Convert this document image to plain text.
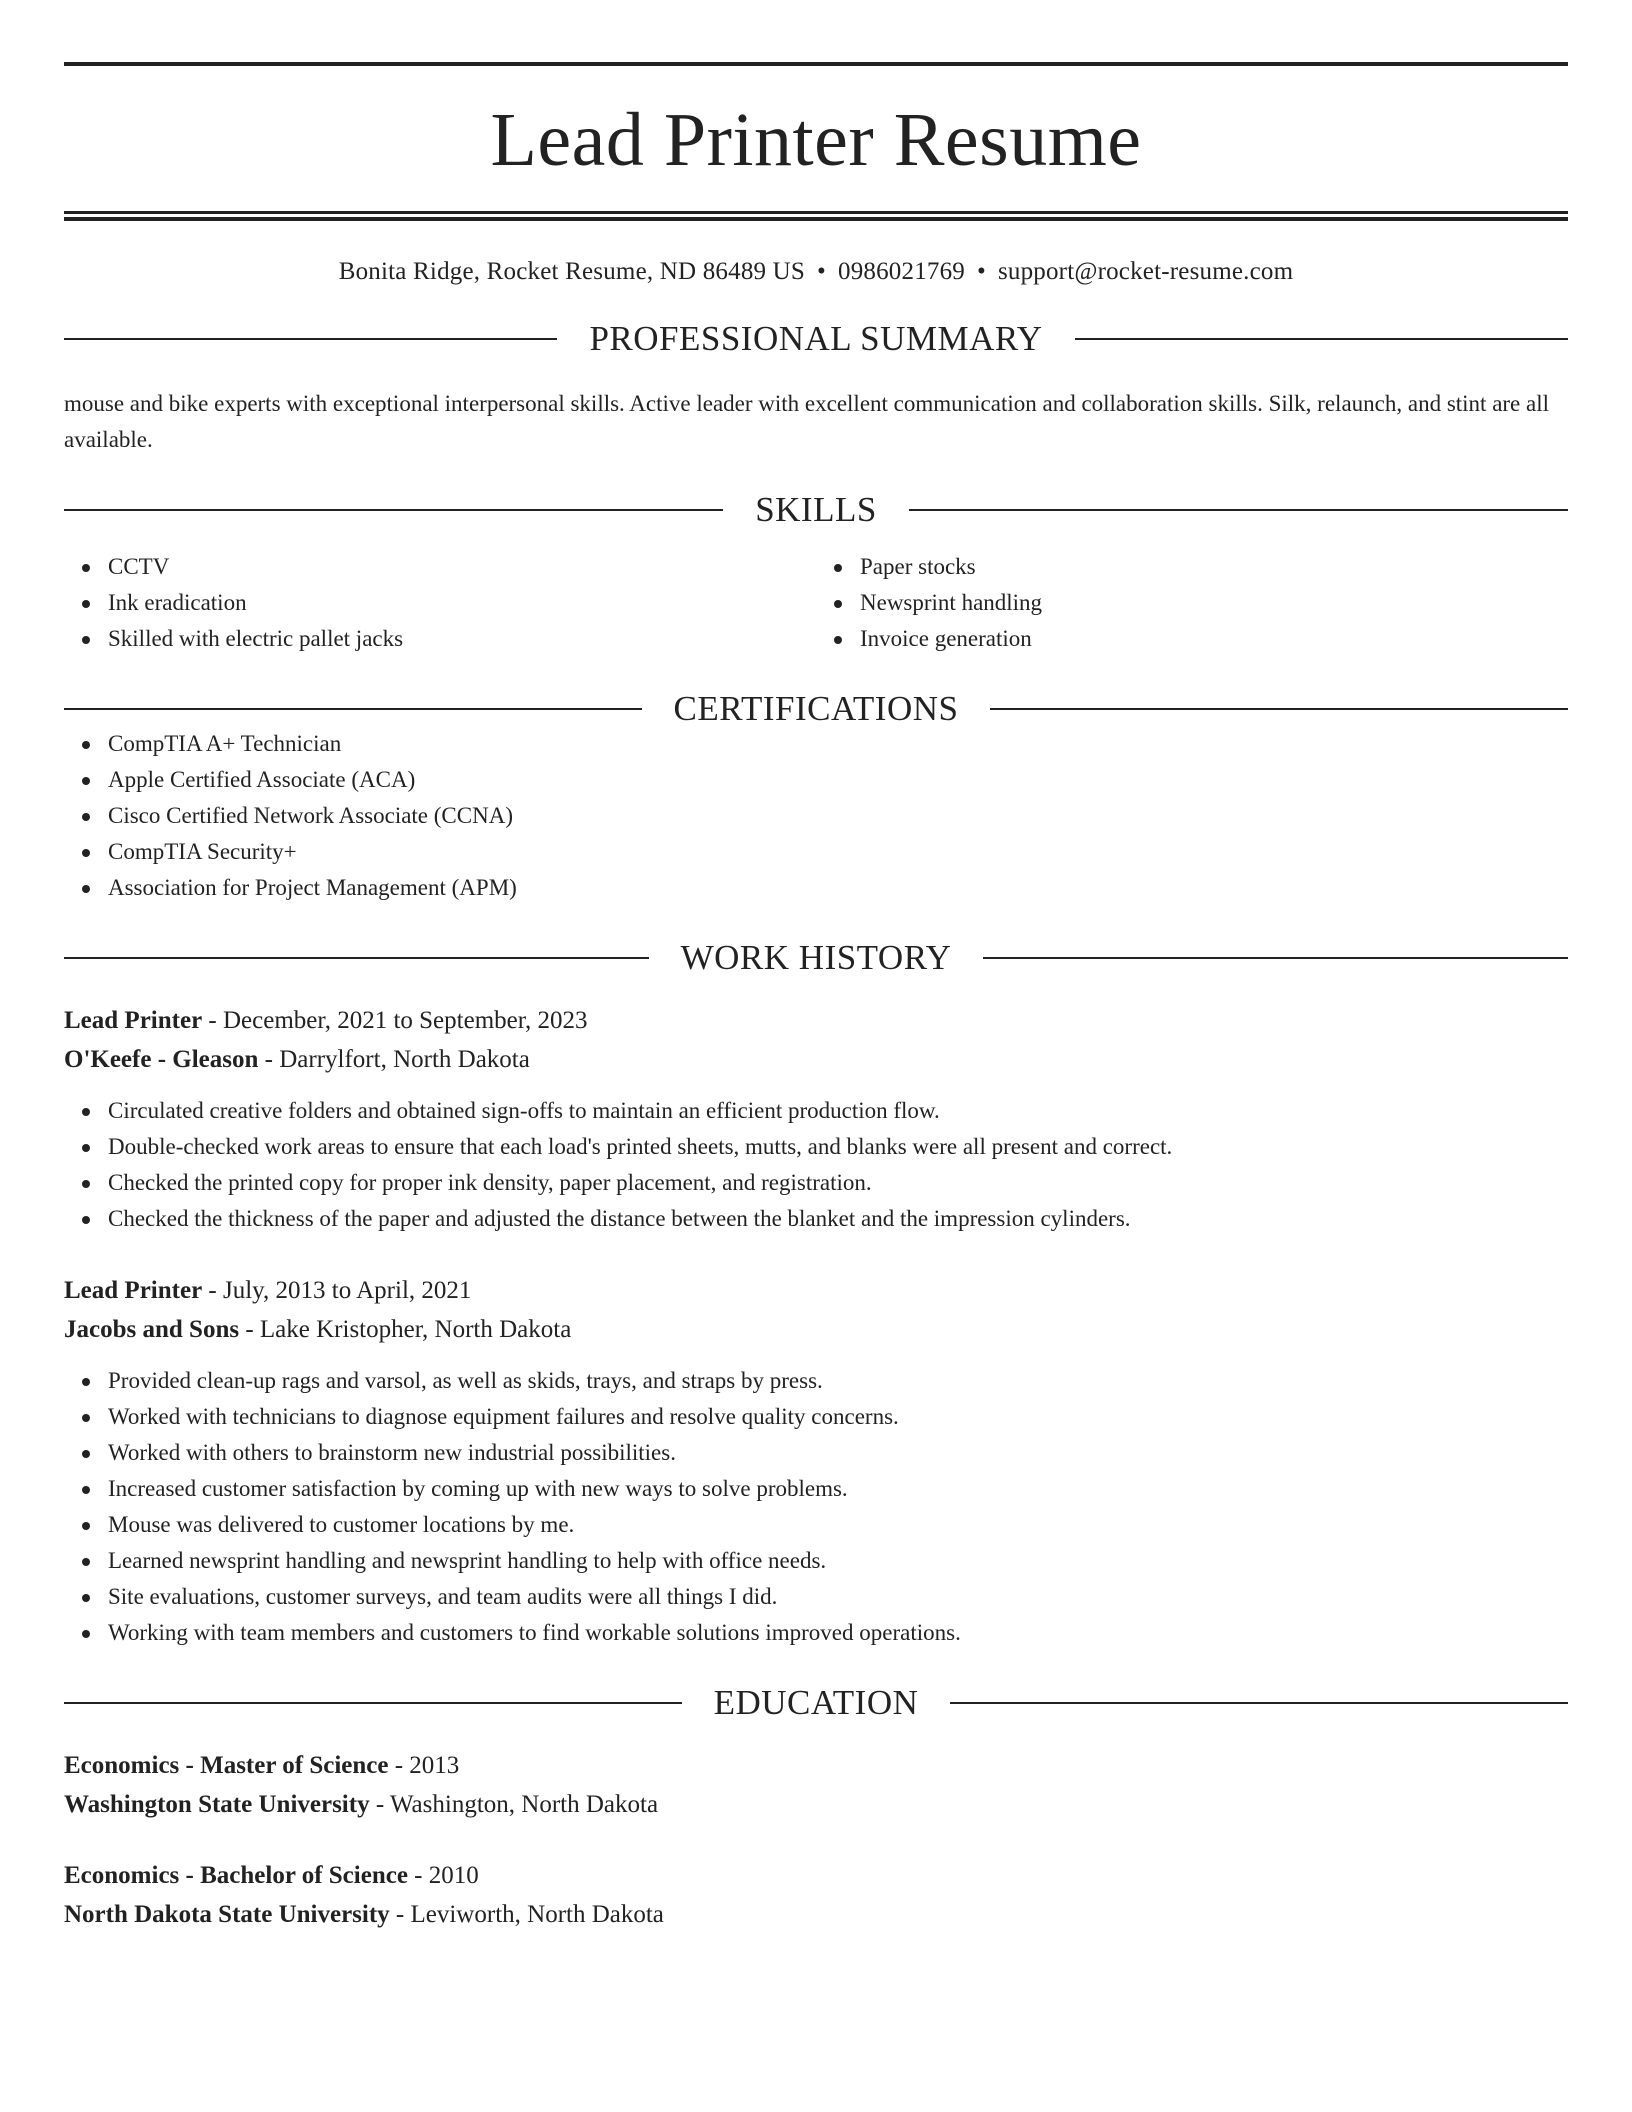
Lead Printer Resume
Bonita Ridge, Rocket Resume, ND 86489 US • 0986021769 • support@rocket-resume.com
PROFESSIONAL SUMMARY
mouse and bike experts with exceptional interpersonal skills. Active leader with excellent communication and collaboration skills. Silk, relaunch, and stint are all available.
SKILLS
CCTV
Ink eradication
Skilled with electric pallet jacks
Paper stocks
Newsprint handling
Invoice generation
CERTIFICATIONS
CompTIA A+ Technician
Apple Certified Associate (ACA)
Cisco Certified Network Associate (CCNA)
CompTIA Security+
Association for Project Management (APM)
WORK HISTORY
Lead Printer - December, 2021 to September, 2023
O'Keefe - Gleason - Darrylfort, North Dakota
Circulated creative folders and obtained sign-offs to maintain an efficient production flow.
Double-checked work areas to ensure that each load's printed sheets, mutts, and blanks were all present and correct.
Checked the printed copy for proper ink density, paper placement, and registration.
Checked the thickness of the paper and adjusted the distance between the blanket and the impression cylinders.
Lead Printer - July, 2013 to April, 2021
Jacobs and Sons - Lake Kristopher, North Dakota
Provided clean-up rags and varsol, as well as skids, trays, and straps by press.
Worked with technicians to diagnose equipment failures and resolve quality concerns.
Worked with others to brainstorm new industrial possibilities.
Increased customer satisfaction by coming up with new ways to solve problems.
Mouse was delivered to customer locations by me.
Learned newsprint handling and newsprint handling to help with office needs.
Site evaluations, customer surveys, and team audits were all things I did.
Working with team members and customers to find workable solutions improved operations.
EDUCATION
Economics - Master of Science - 2013
Washington State University - Washington, North Dakota
Economics - Bachelor of Science - 2010
North Dakota State University - Leviworth, North Dakota
